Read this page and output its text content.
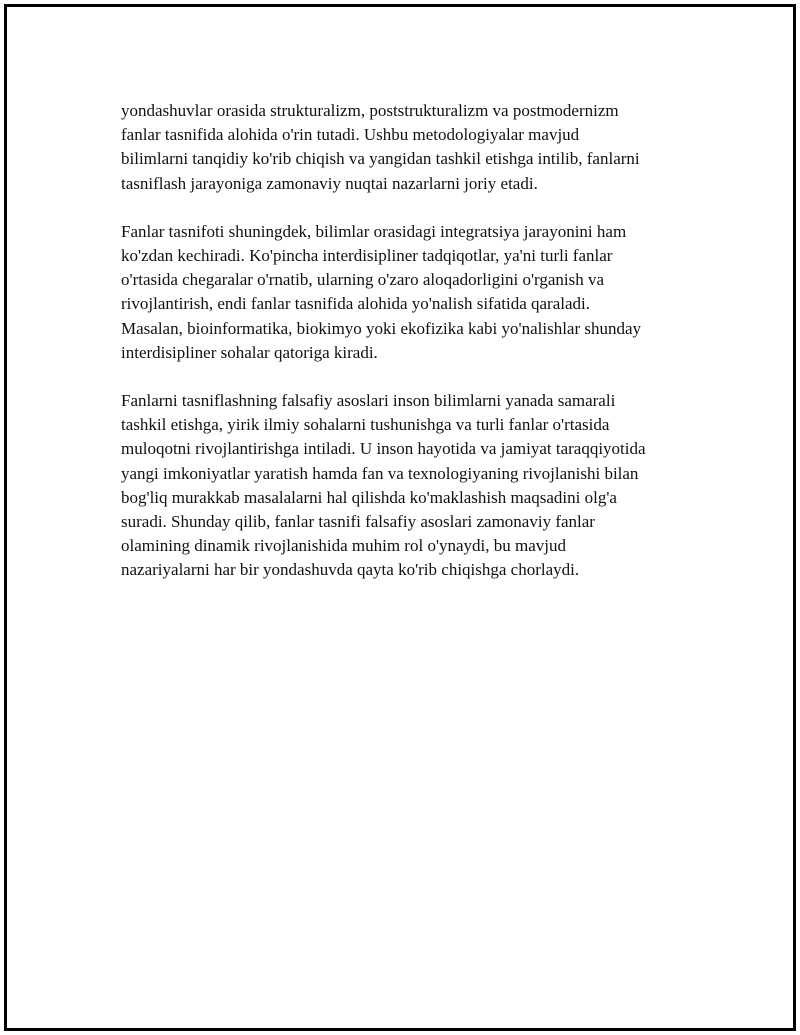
yondashuvlar orasida strukturalizm, poststrukturalizm va postmodernizm
fanlar tasnifida alohida o'rin tutadi. Ushbu metodologiyalar mavjud
bilimlarni tanqidiy ko'rib chiqish va yangidan tashkil etishga intilib, fanlarni
tasniflash jarayoniga zamonaviy nuqtai nazarlarni joriy etadi.

Fanlar tasnifoti shuningdek, bilimlar orasidagi integratsiya jarayonini ham
ko'zdan kechiradi. Ko'pincha interdisipliner tadqiqotlar, ya'ni turli fanlar
o'rtasida chegaralar o'rnatib, ularning o'zaro aloqadorligini o'rganish va
rivojlantirish, endi fanlar tasnifida alohida yo'nalish sifatida qaraladi.
Masalan, bioinformatika, biokimyo yoki ekofizika kabi yo'nalishlar shunday
interdisipliner sohalar qatoriga kiradi.

Fanlarni tasniflashning falsafiy asoslari inson bilimlarni yanada samarali
tashkil etishga, yirik ilmiy sohalarni tushunishga va turli fanlar o'rtasida
muloqotni rivojlantirishga intiladi. U inson hayotida va jamiyat taraqqiyotida
yangi imkoniyatlar yaratish hamda fan va texnologiyaning rivojlanishi bilan
bog'liq murakkab masalalarni hal qilishda ko'maklashish maqsadini olg'a
suradi. Shunday qilib, fanlar tasnifi falsafiy asoslari zamonaviy fanlar
olamining dinamik rivojlanishida muhim rol o'ynaydi, bu mavjud
nazariyalarni har bir yondashuvda qayta ko'rib chiqishga chorlaydi.
